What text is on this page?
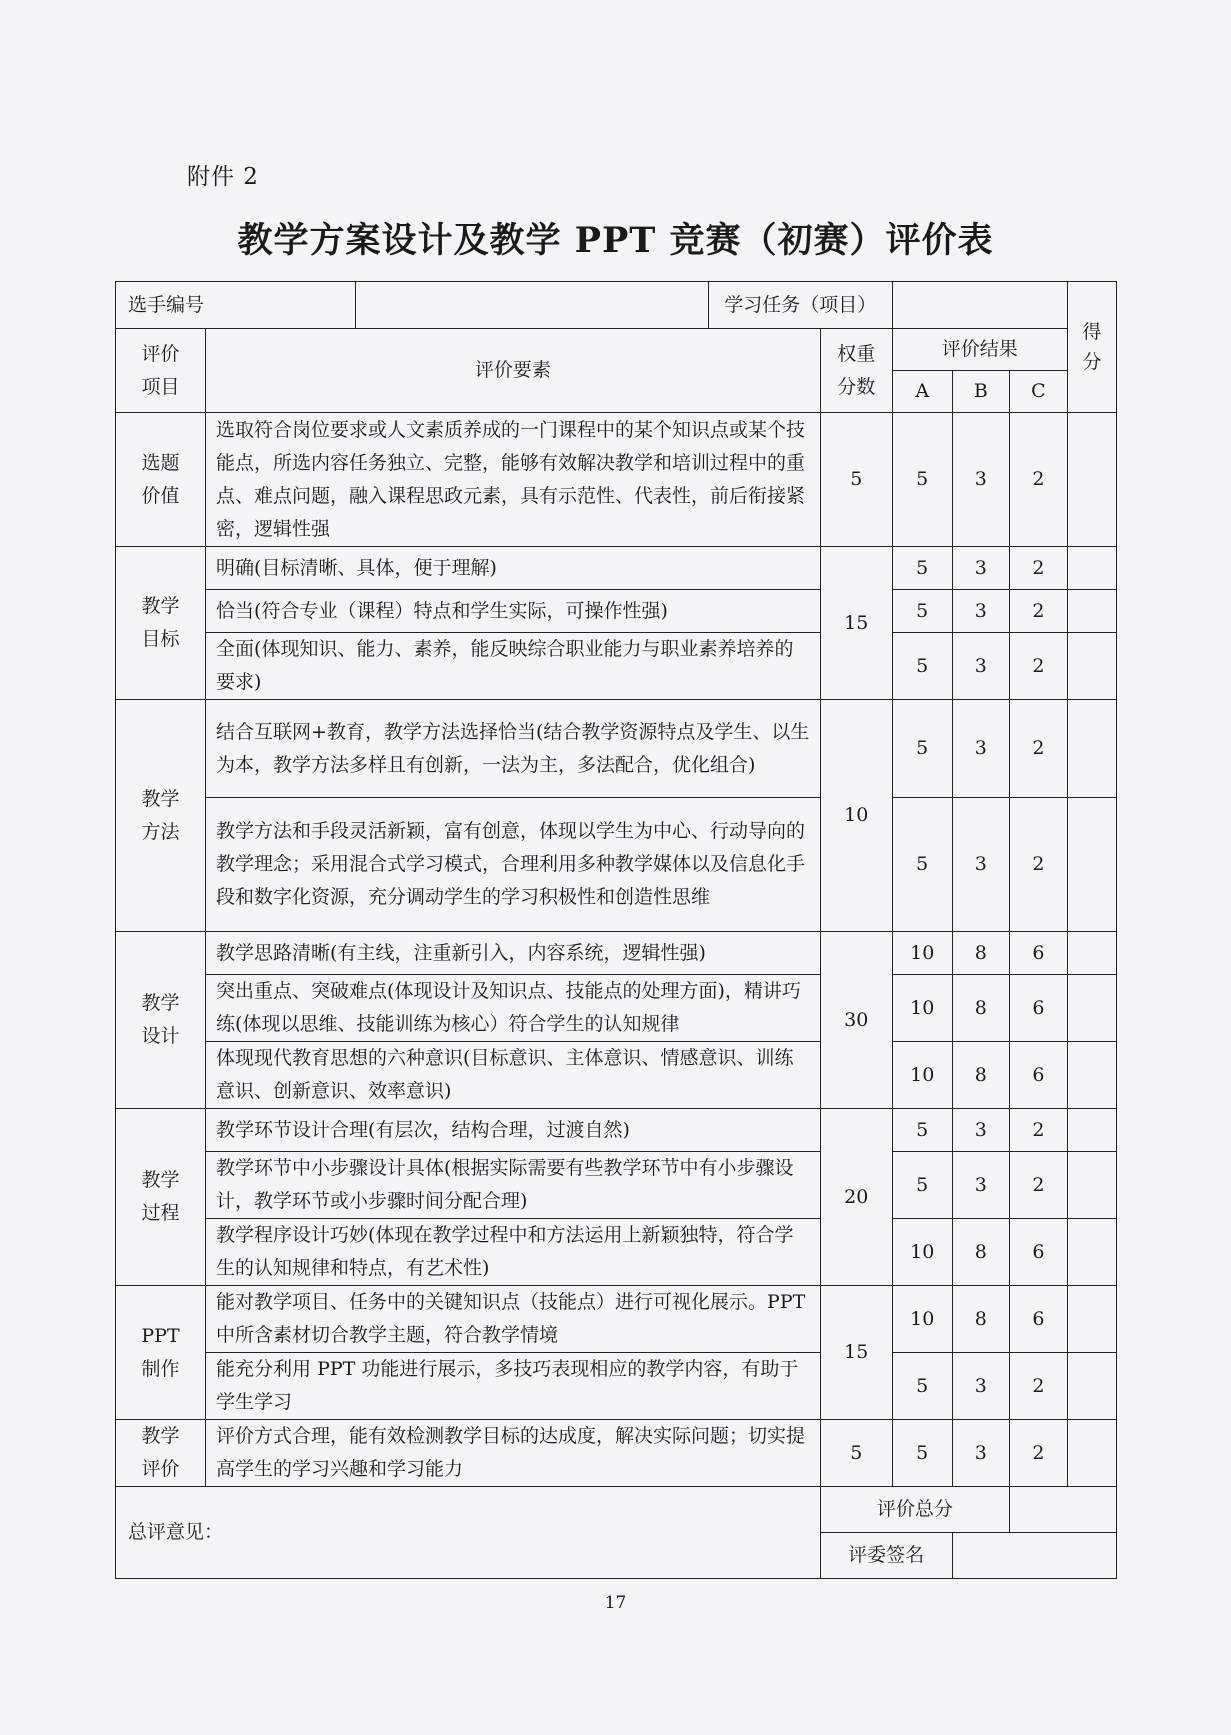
附件 2
教学方案设计及教学 PPT 竞赛（初赛）评价表
选手编号			学习任务（项目）					得分

评价项目	评价要素			权重分数	评价结果			
					A	B	C	

选题价值	选取符合岗位要求或人文素质养成的一门课程中的某个知识点或某个技能点，所选内容任务独立、完整，能够有效解决教学和培训过程中的重点、难点问题，融入课程思政元素，具有示范性、代表性，前后衔接紧密，逻辑性强			5	5	3	2	

教学目标	明确(目标清晰、具体，便于理解)			15	5	3	2	
	恰当(符合专业（课程）特点和学生实际，可操作性强)				5	3	2	
	全面(体现知识、能力、素养，能反映综合职业能力与职业素养培养的要求)				5	3	2	

教学方法	结合互联网+教育，教学方法选择恰当(结合教学资源特点及学生、以生为本，教学方法多样且有创新，一法为主，多法配合，优化组合)			10	5	3	2	
	教学方法和手段灵活新颖，富有创意，体现以学生为中心、行动导向的教学理念；采用混合式学习模式，合理利用多种教学媒体以及信息化手段和数字化资源，充分调动学生的学习积极性和创造性思维				5	3	2	

教学设计	教学思路清晰(有主线，注重新引入，内容系统，逻辑性强)			30	10	8	6	
	突出重点、突破难点(体现设计及知识点、技能点的处理方面)，精讲巧练(体现以思维、技能训练为核心）符合学生的认知规律				10	8	6	
	体现现代教育思想的六种意识(目标意识、主体意识、情感意识、训练意识、创新意识、效率意识)				10	8	6	

教学过程	教学环节设计合理(有层次，结构合理，过渡自然)			20	5	3	2	
	教学环节中小步骤设计具体(根据实际需要有些教学环节中有小步骤设计，教学环节或小步骤时间分配合理)				5	3	2	
	教学程序设计巧妙(体现在教学过程中和方法运用上新颖独特，符合学生的认知规律和特点，有艺术性)				10	8	6	

PPT 制作	能对教学项目、任务中的关键知识点（技能点）进行可视化展示。PPT 中所含素材切合教学主题，符合教学情境			15	10	8	6	
	能充分利用 PPT 功能进行展示，多技巧表现相应的教学内容，有助于学生学习				5	3	2	

教学评价	评价方式合理，能有效检测教学目标的达成度，解决实际问题；切实提高学生的学习兴趣和学习能力			5	5	3	2	
总评意见：				评价总分				
				评委签名				
17
